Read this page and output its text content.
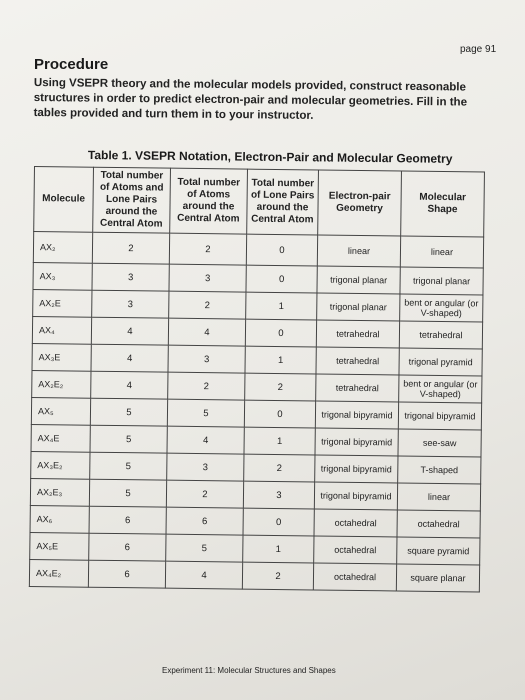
page 91
Procedure
Using VSEPR theory and the molecular models provided, construct reasonable structures in order to predict electron-pair and molecular geometries. Fill in the tables provided and turn them in to your instructor.
Table 1. VSEPR Notation, Electron-Pair and Molecular Geometry
Molecule	Total number of Atoms and Lone Pairs around the Central Atom	Total number of Atoms around the Central Atom	Total number of Lone Pairs around the Central Atom	Electron-pair Geometry	Molecular Shape
AX₂	2	2	0	linear	linear
AX₃	3	3	0	trigonal planar	trigonal planar
AX₂E	3	2	1	trigonal planar	bent or angular (or V-shaped)
AX₄	4	4	0	tetrahedral	tetrahedral
AX₃E	4	3	1	tetrahedral	trigonal pyramid
AX₂E₂	4	2	2	tetrahedral	bent or angular (or V-shaped)
AX₅	5	5	0	trigonal bipyramid	trigonal bipyramid
AX₄E	5	4	1	trigonal bipyramid	see-saw
AX₃E₂	5	3	2	trigonal bipyramid	T-shaped
AX₂E₃	5	2	3	trigonal bipyramid	linear
AX₆	6	6	0	octahedral	octahedral
AX₅E	6	5	1	octahedral	square pyramid
AX₄E₂	6	4	2	octahedral	square planar
Experiment 11: Molecular Structures and Shapes
